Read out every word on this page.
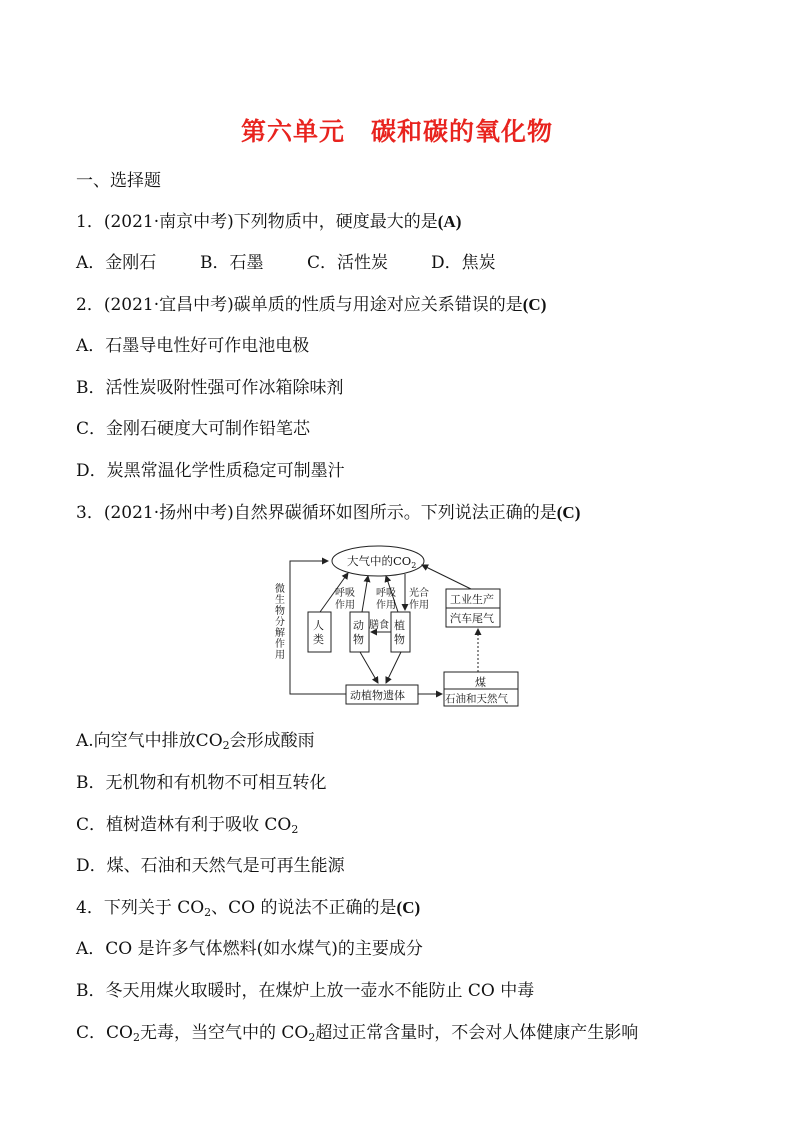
第六单元　碳和碳的氧化物
一、选择题
1．(2021·南京中考)下列物质中，硬度最大的是(A)
A．金刚石	B．石墨	C．活性炭	D．焦炭
2．(2021·宜昌中考)碳单质的性质与用途对应关系错误的是(C)
A．石墨导电性好可作电池电极
B．活性炭吸附性强可作冰箱除味剂
C．金刚石硬度大可制作铅笔芯
D．炭黑常温化学性质稳定可制墨汁
3．(2021·扬州中考)自然界碳循环如图所示。下列说法正确的是(C)
大气中的$CO_2$
微
生
物
分
解
作
用
呼吸
作用
呼吸
作用
光合
作用
膳食
人
类
动
物
植
物
工业生产
汽车尾气
动植物遗体
煤
石油和天然气
A.向空气中排放$CO_2$会形成酸雨
B．无机物和有机物不可相互转化
C．植树造林有利于吸收 $CO_2$
D．煤、石油和天然气是可再生能源
4．下列关于 $CO_2$、CO 的说法不正确的是(C)
A．CO 是许多气体燃料(如水煤气)的主要成分
B．冬天用煤火取暖时，在煤炉上放一壶水不能防止 CO 中毒
C．$CO_2$无毒，当空气中的 $CO_2$超过正常含量时，不会对人体健康产生影响
